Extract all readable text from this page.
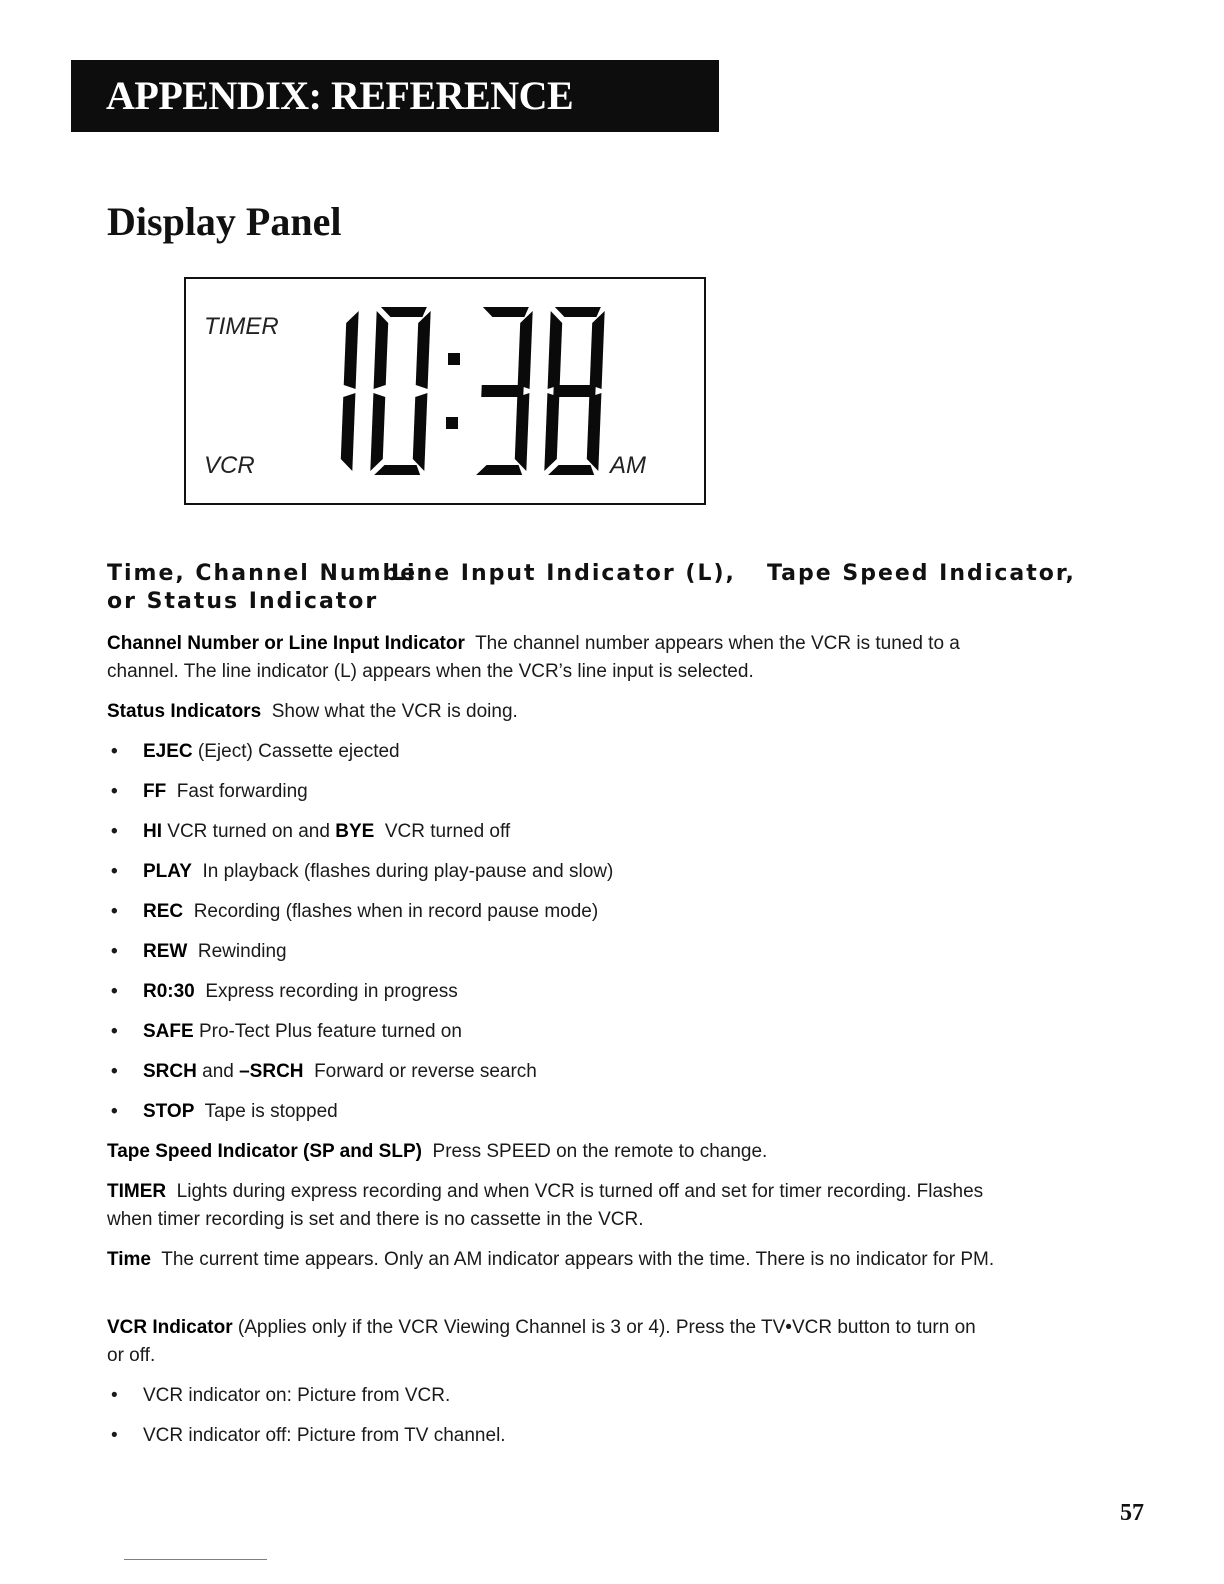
APPENDIX: REFERENCE
Display Panel
TIMER
VCR	AM
Time, Channel Number
Line Input Indicator (L), Tape Speed Indicator,
or Status Indicator

Channel Number or Line Input Indicator The channel number appears when the VCR is tuned to a channel. The line indicator (L) appears when the VCR’s line input is selected.

Status Indicators Show what the VCR is doing.

• EJEC (Eject) Cassette ejected
• FF Fast forwarding
• HI VCR turned on and BYE VCR turned off
• PLAY In playback (flashes during play-pause and slow)
• REC Recording (flashes when in record pause mode)
• REW Rewinding
• R0:30 Express recording in progress
• SAFE Pro-Tect Plus feature turned on
• SRCH and –SRCH Forward or reverse search
• STOP Tape is stopped

Tape Speed Indicator (SP and SLP) Press SPEED on the remote to change.

TIMER Lights during express recording and when VCR is turned off and set for timer recording. Flashes when timer recording is set and there is no cassette in the VCR.

Time The current time appears. Only an AM indicator appears with the time. There is no indicator for PM.

VCR Indicator (Applies only if the VCR Viewing Channel is 3 or 4). Press the TV•VCR button to turn on or off.

• VCR indicator on: Picture from VCR.
• VCR indicator off: Picture from TV channel.
57
